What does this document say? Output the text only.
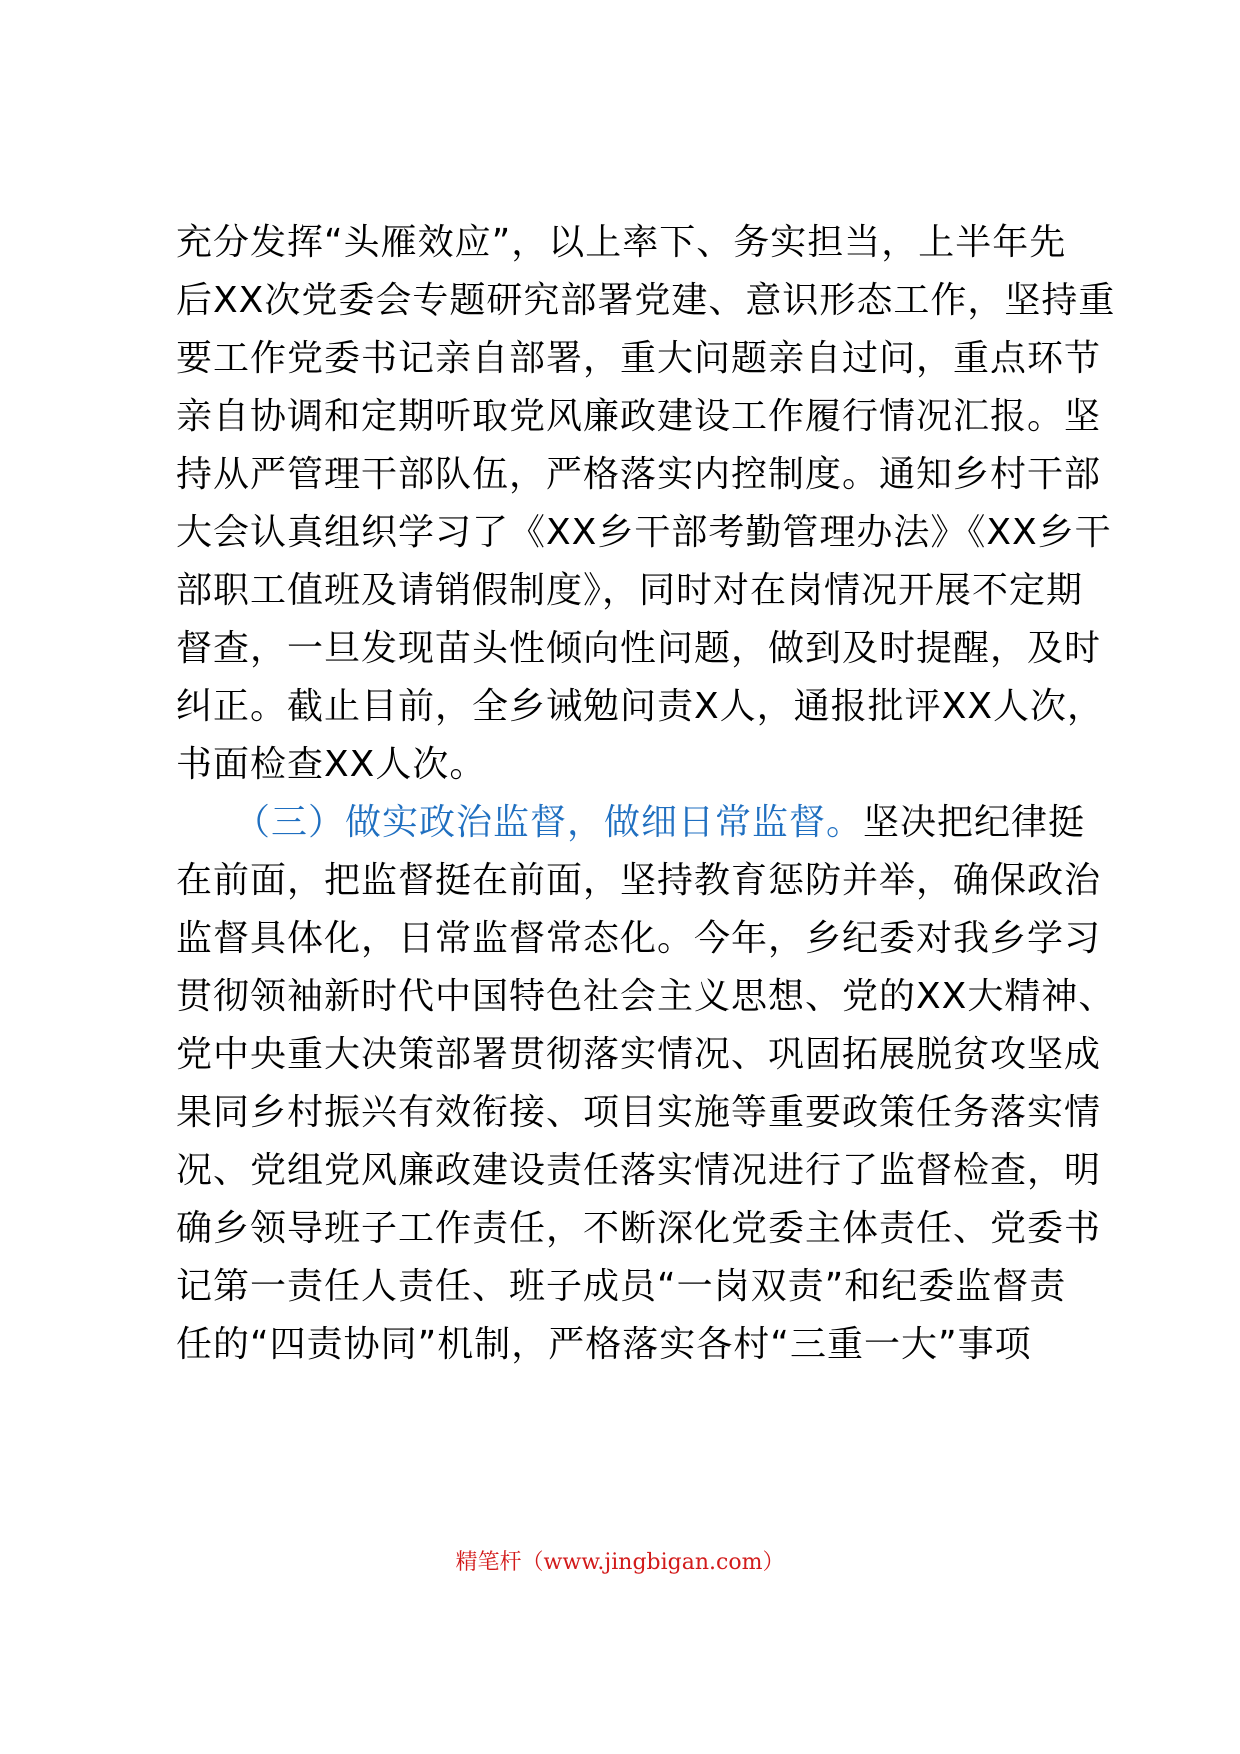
充分发挥“头雁效应”，以上率下、务实担当，上半年先
后XX次党委会专题研究部署党建、意识形态工作，坚持重
要工作党委书记亲自部署，重大问题亲自过问，重点环节
亲自协调和定期听取党风廉政建设工作履行情况汇报。坚
持从严管理干部队伍，严格落实内控制度。通知乡村干部
大会认真组织学习了《XX乡干部考勤管理办法》《XX乡干
部职工值班及请销假制度》，同时对在岗情况开展不定期
督查，一旦发现苗头性倾向性问题，做到及时提醒，及时
纠正。截止目前，全乡诫勉问责X人，通报批评XX人次，
书面检查XX人次。
（三）做实政治监督，做细日常监督。坚决把纪律挺
在前面，把监督挺在前面，坚持教育惩防并举，确保政治
监督具体化，日常监督常态化。今年，乡纪委对我乡学习
贯彻领袖新时代中国特色社会主义思想、党的XX大精神、
党中央重大决策部署贯彻落实情况、巩固拓展脱贫攻坚成
果同乡村振兴有效衔接、项目实施等重要政策任务落实情
况、党组党风廉政建设责任落实情况进行了监督检查，明
确乡领导班子工作责任，不断深化党委主体责任、党委书
记第一责任人责任、班子成员“一岗双责”和纪委监督责
任的“四责协同”机制，严格落实各村“三重一大”事项
精笔杆（www.jingbigan.com）
